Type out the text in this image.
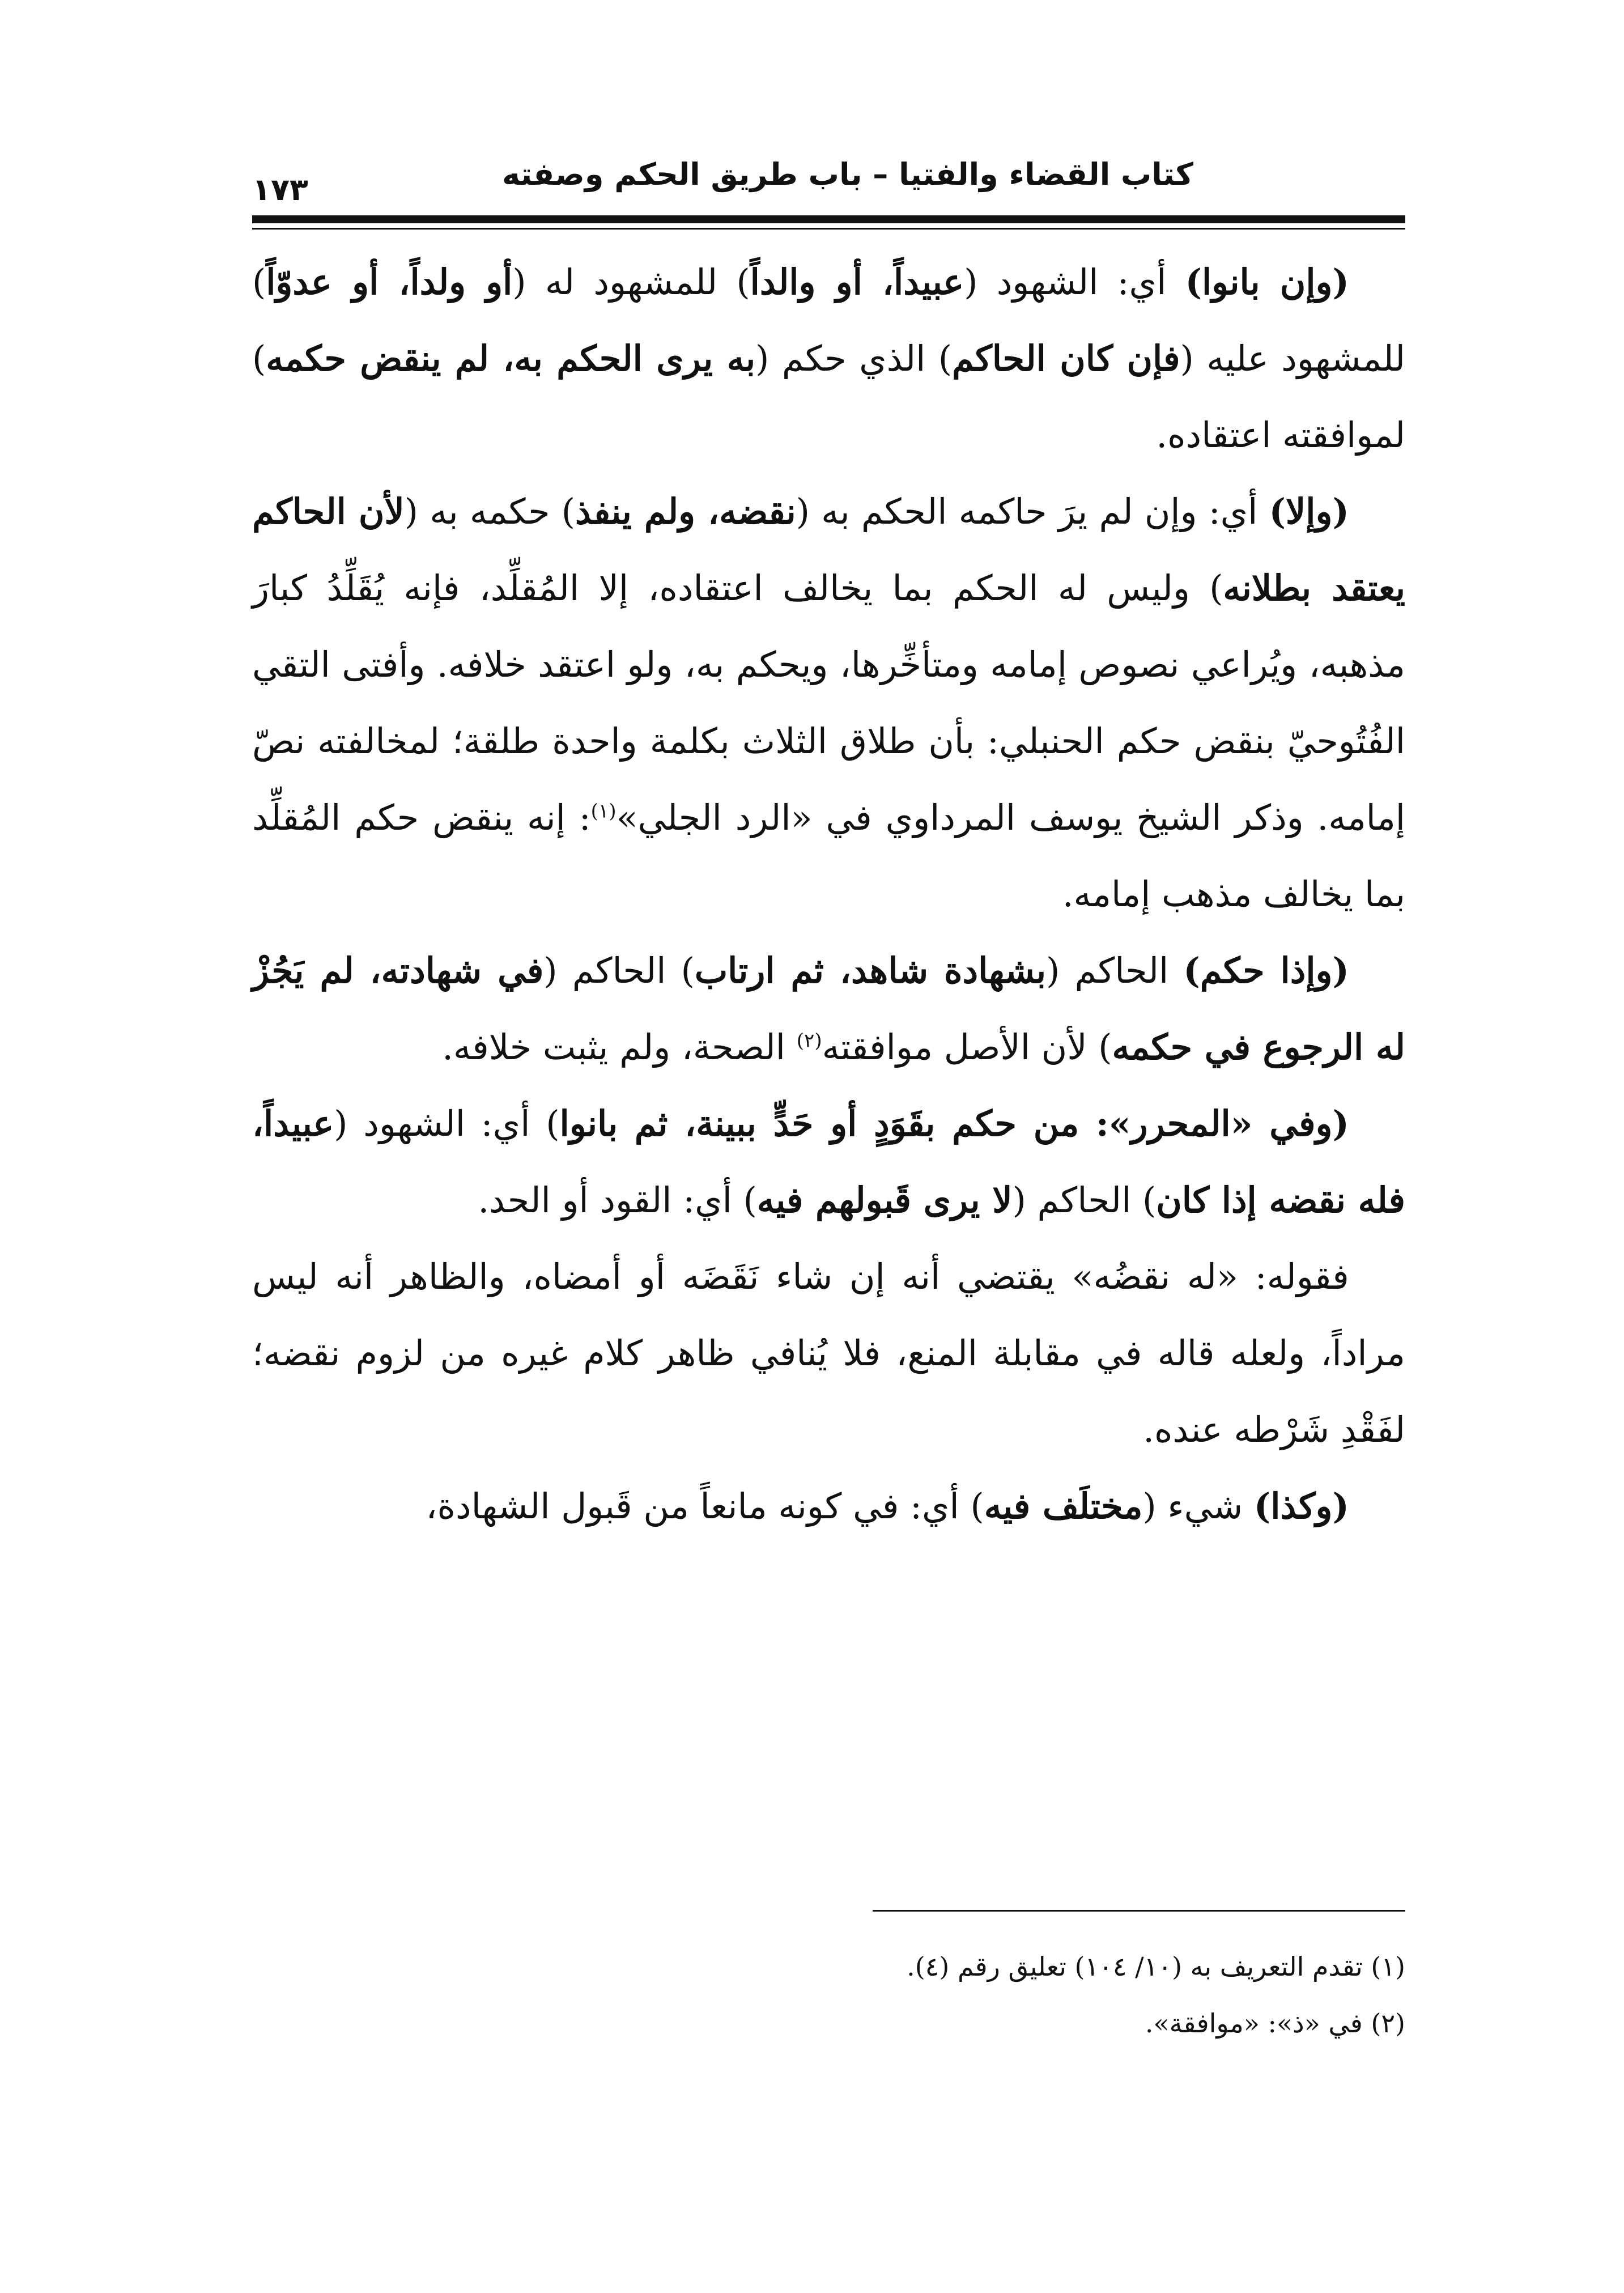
كتاب القضاء والفتيا – باب طريق الحكم وصفته
١٧٣

(وإن بانوا) أي: الشهود (عبيداً، أو والداً) للمشهود له (أو ولداً، أو عدوّاً) للمشهود عليه (فإن كان الحاكم) الذي حكم (به يرى الحكم به، لم ينقض حكمه) لموافقته اعتقاده.

(وإلا) أي: وإن لم يرَ حاكمه الحكم به (نقضه، ولم ينفذ) حكمه به (لأن الحاكم يعتقد بطلانه) وليس له الحكم بما يخالف اعتقاده، إلا المُقلِّد، فإنه يُقَلِّدُ كبارَ مذهبه، ويُراعي نصوص إمامه ومتأخِّرها، ويحكم به، ولو اعتقد خلافه. وأفتى التقي الفُتُوحيّ بنقض حكم الحنبلي: بأن طلاق الثلاث بكلمة واحدة طلقة؛ لمخالفته نصّ إمامه. وذكر الشيخ يوسف المرداوي في «الرد الجلي»$^{(١)}$: إنه ينقض حكم المُقلِّد بما يخالف مذهب إمامه.

(وإذا حكم) الحاكم (بشهادة شاهد، ثم ارتاب) الحاكم (في شهادته، لم يَجُزْ له الرجوع في حكمه) لأن الأصل موافقته$^{(٢)}$ الصحة، ولم يثبت خلافه.

(وفي «المحرر»: من حكم بقَوَدٍ أو حَدٍّ ببينة، ثم بانوا) أي: الشهود (عبيداً، فله نقضه إذا كان) الحاكم (لا يرى قَبولهم فيه) أي: القود أو الحد.

فقوله: «له نقضُه» يقتضي أنه إن شاء نَقَضَه أو أمضاه، والظاهر أنه ليس مراداً، ولعله قاله في مقابلة المنع، فلا يُنافي ظاهر كلام غيره من لزوم نقضه؛ لفَقْدِ شَرْطه عنده.

(وكذا) شيء (مختلَف فيه) أي: في كونه مانعاً من قَبول الشهادة،

(١) تقدم التعريف به (١٠/ ١٠٤) تعليق رقم (٤).

(٢) في «ذ»: «موافقة».
